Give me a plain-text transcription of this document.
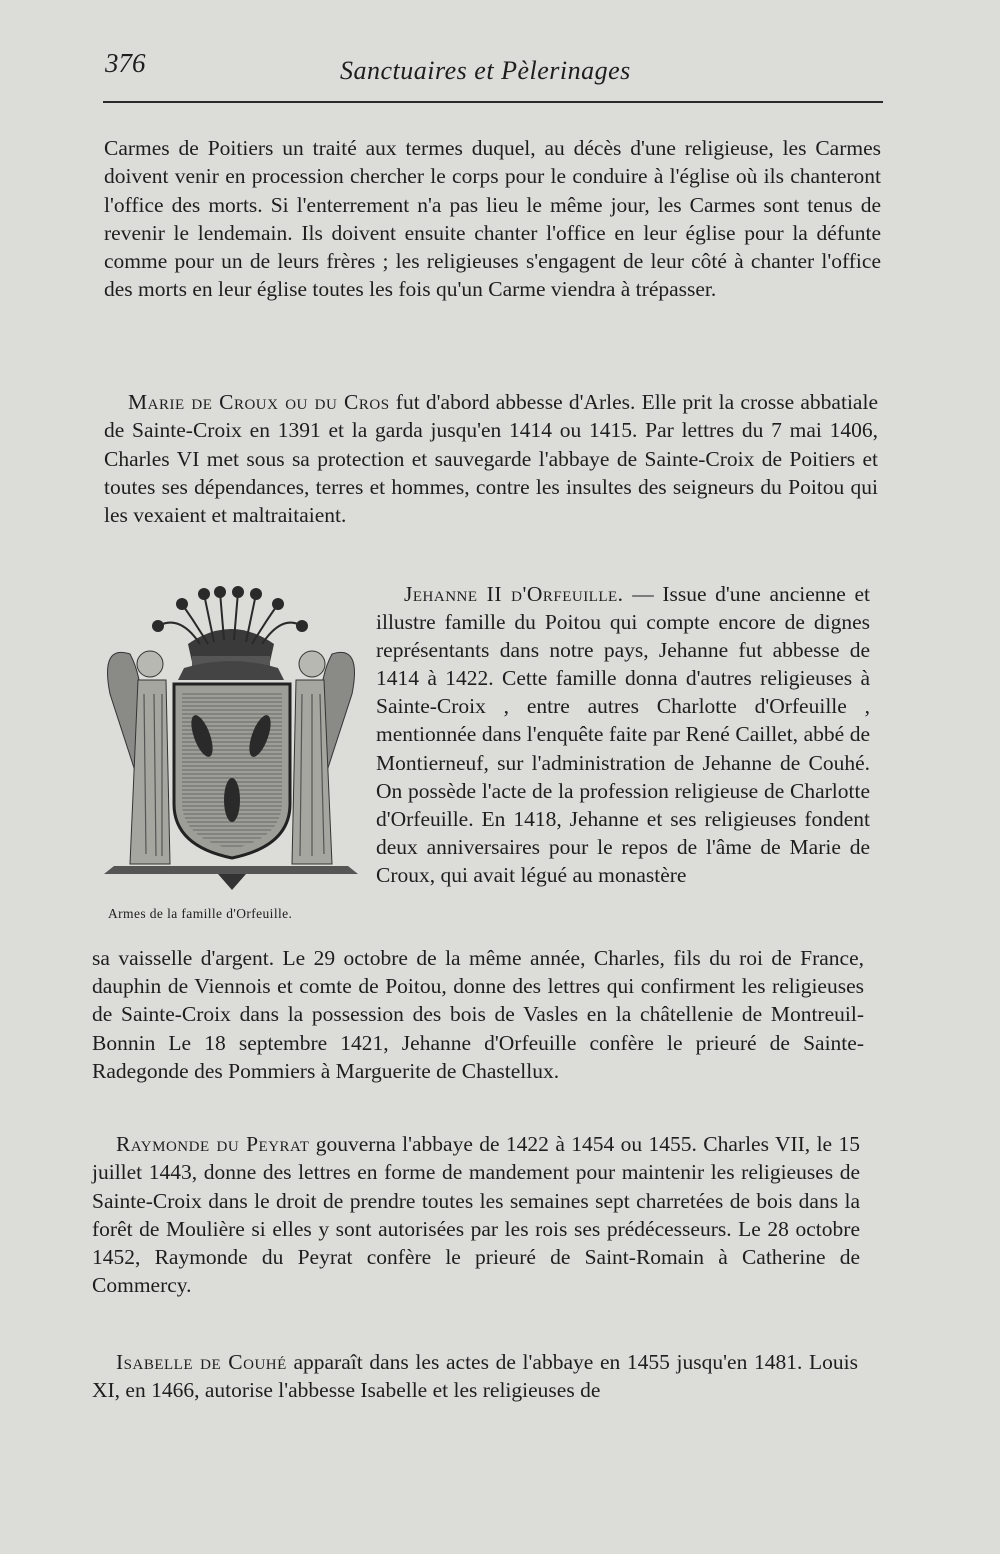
376	Sanctuaires et Pèlerinages

Carmes de Poitiers un traité aux termes duquel, au décès d'une religieuse, les Carmes doivent venir en procession chercher le corps pour le conduire à l'église où ils chanteront l'office des morts. Si l'enterrement n'a pas lieu le même jour, les Carmes sont tenus de revenir le lendemain. Ils doivent ensuite chanter l'office en leur église pour la défunte comme pour un de leurs frères ; les religieuses s'engagent de leur côté à chanter l'office des morts en leur église toutes les fois qu'un Carme viendra à trépasser.

Marie de Croux ou du Cros fut d'abord abbesse d'Arles. Elle prit la crosse abbatiale de Sainte-Croix en 1391 et la garda jusqu'en 1414 ou 1415. Par lettres du 7 mai 1406, Charles VI met sous sa protection et sauvegarde l'abbaye de Sainte-Croix de Poitiers et toutes ses dépendances, terres et hommes, contre les insultes des seigneurs du Poitou qui les vexaient et maltraitaient.

Armes de la famille d'Orfeuille.

Jehanne II d'Orfeuille. — Issue d'une ancienne et illustre famille du Poitou qui compte encore de dignes représentants dans notre pays, Jehanne fut abbesse de 1414 à 1422. Cette famille donna d'autres religieuses à Sainte-Croix , entre autres Charlotte d'Orfeuille , mentionnée dans l'enquête faite par René Caillet, abbé de Montierneuf, sur l'administration de Jehanne de Couhé. On possède l'acte de la profession religieuse de Charlotte d'Orfeuille. En 1418, Jehanne et ses religieuses fondent deux anniversaires pour le repos de l'âme de Marie de Croux, qui avait légué au monastère

sa vaisselle d'argent. Le 29 octobre de la même année, Charles, fils du roi de France, dauphin de Viennois et comte de Poitou, donne des lettres qui confirment les religieuses de Sainte-Croix dans la possession des bois de Vasles en la châtellenie de Montreuil-Bonnin Le 18 septembre 1421, Jehanne d'Orfeuille confère le prieuré de Sainte-Radegonde des Pommiers à Marguerite de Chastellux.

Raymonde du Peyrat gouverna l'abbaye de 1422 à 1454 ou 1455. Charles VII, le 15 juillet 1443, donne des lettres en forme de mandement pour maintenir les religieuses de Sainte-Croix dans le droit de prendre toutes les semaines sept charretées de bois dans la forêt de Moulière si elles y sont autorisées par les rois ses prédécesseurs. Le 28 octobre 1452, Raymonde du Peyrat confère le prieuré de Saint-Romain à Catherine de Commercy.

Isabelle de Couhé apparaît dans les actes de l'abbaye en 1455 jusqu'en 1481. Louis XI, en 1466, autorise l'abbesse Isabelle et les religieuses de
